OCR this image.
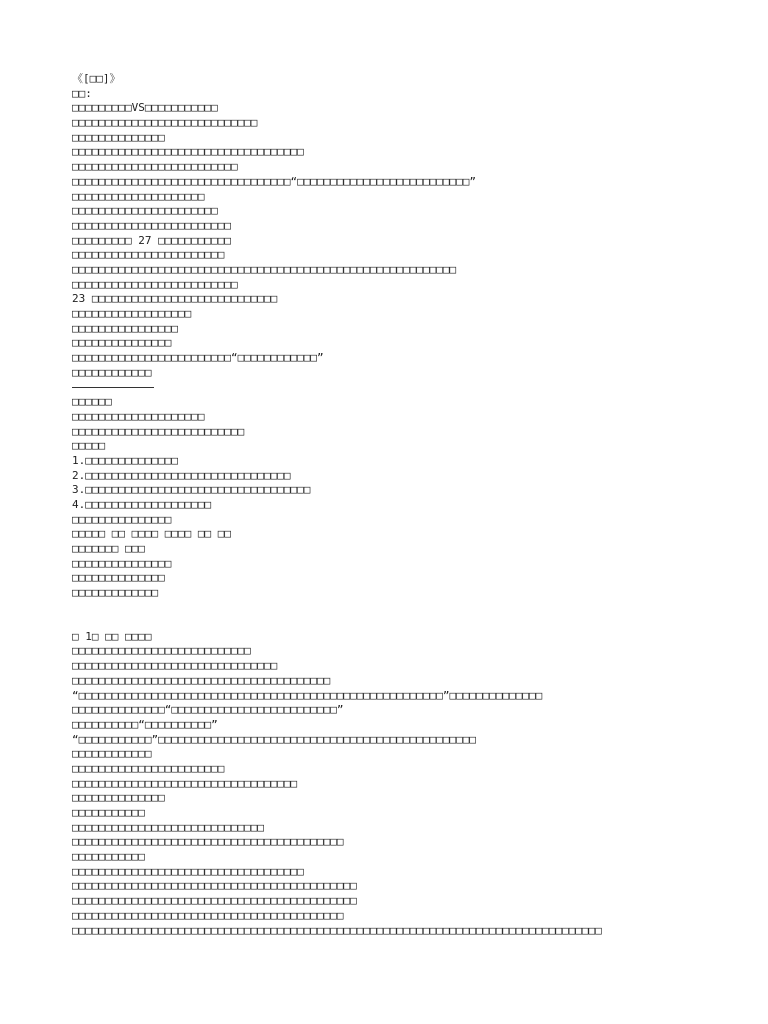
《[□□]》
□□:
□□□□□□□□□VS□□□□□□□□□□□
□□□□□□□□□□□□□□□□□□□□□□□□□□□□
□□□□□□□□□□□□□□
□□□□□□□□□□□□□□□□□□□□□□□□□□□□□□□□□□□
□□□□□□□□□□□□□□□□□□□□□□□□□
□□□□□□□□□□□□□□□□□□□□□□□□□□□□□□□□□“□□□□□□□□□□□□□□□□□□□□□□□□□□”
□□□□□□□□□□□□□□□□□□□□
□□□□□□□□□□□□□□□□□□□□□□
□□□□□□□□□□□□□□□□□□□□□□□□
□□□□□□□□□ 27 □□□□□□□□□□□
□□□□□□□□□□□□□□□□□□□□□□□
□□□□□□□□□□□□□□□□□□□□□□□□□□□□□□□□□□□□□□□□□□□□□□□□□□□□□□□□□□
□□□□□□□□□□□□□□□□□□□□□□□□□
23 □□□□□□□□□□□□□□□□□□□□□□□□□□□□
□□□□□□□□□□□□□□□□□□
□□□□□□□□□□□□□□□□
□□□□□□□□□□□□□□□
□□□□□□□□□□□□□□□□□□□□□□□□“□□□□□□□□□□□□”
□□□□□□□□□□□□
□□□□□□
□□□□□□□□□□□□□□□□□□□□
□□□□□□□□□□□□□□□□□□□□□□□□□□
□□□□□
1.□□□□□□□□□□□□□□
2.□□□□□□□□□□□□□□□□□□□□□□□□□□□□□□□
3.□□□□□□□□□□□□□□□□□□□□□□□□□□□□□□□□□□
4.□□□□□□□□□□□□□□□□□□□
□□□□□□□□□□□□□□□
□□□□□ □□ □□□□ □□□□ □□ □□
□□□□□□□ □□□
□□□□□□□□□□□□□□□
□□□□□□□□□□□□□□
□□□□□□□□□□□□□
□ 1□ □□ □□□□
□□□□□□□□□□□□□□□□□□□□□□□□□□□
□□□□□□□□□□□□□□□□□□□□□□□□□□□□□□□
□□□□□□□□□□□□□□□□□□□□□□□□□□□□□□□□□□□□□□□
“□□□□□□□□□□□□□□□□□□□□□□□□□□□□□□□□□□□□□□□□□□□□□□□□□□□□□□□”□□□□□□□□□□□□□□
□□□□□□□□□□□□□□“□□□□□□□□□□□□□□□□□□□□□□□□□”
□□□□□□□□□□“□□□□□□□□□□”
“□□□□□□□□□□□”□□□□□□□□□□□□□□□□□□□□□□□□□□□□□□□□□□□□□□□□□□□□□□□□
□□□□□□□□□□□□
□□□□□□□□□□□□□□□□□□□□□□□
□□□□□□□□□□□□□□□□□□□□□□□□□□□□□□□□□□
□□□□□□□□□□□□□□
□□□□□□□□□□□
□□□□□□□□□□□□□□□□□□□□□□□□□□□□□
□□□□□□□□□□□□□□□□□□□□□□□□□□□□□□□□□□□□□□□□□
□□□□□□□□□□□
□□□□□□□□□□□□□□□□□□□□□□□□□□□□□□□□□□□
□□□□□□□□□□□□□□□□□□□□□□□□□□□□□□□□□□□□□□□□□□□
□□□□□□□□□□□□□□□□□□□□□□□□□□□□□□□□□□□□□□□□□□□
□□□□□□□□□□□□□□□□□□□□□□□□□□□□□□□□□□□□□□□□□
□□□□□□□□□□□□□□□□□□□□□□□□□□□□□□□□□□□□□□□□□□□□□□□□□□□□□□□□□□□□□□□□□□□□□□□□□□□□□□□□
